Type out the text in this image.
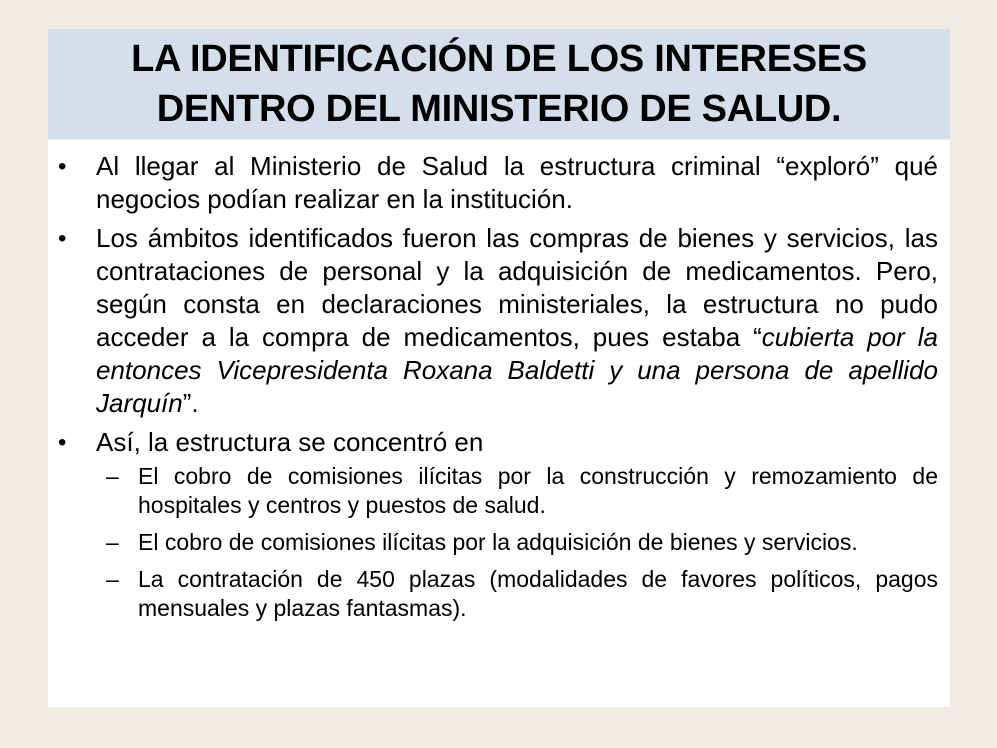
LA IDENTIFICACIÓN DE LOS INTERESES
DENTRO DEL MINISTERIO DE SALUD.
• Al llegar al Ministerio de Salud la estructura criminal “exploró” qué negocios podían realizar en la institución.
• Los ámbitos identificados fueron las compras de bienes y servicios, las contrataciones de personal y la adquisición de medicamentos. Pero, según consta en declaraciones ministeriales, la estructura no pudo acceder a la compra de medicamentos, pues estaba “cubierta por la entonces Vicepresidenta Roxana Baldetti y una persona de apellido Jarquín”.
• Así, la estructura se concentró en
– El cobro de comisiones ilícitas por la construcción y remozamiento de hospitales y centros y puestos de salud.
– El cobro de comisiones ilícitas por la adquisición de bienes y servicios.
– La contratación de 450 plazas (modalidades de favores políticos, pagos mensuales y plazas fantasmas).
